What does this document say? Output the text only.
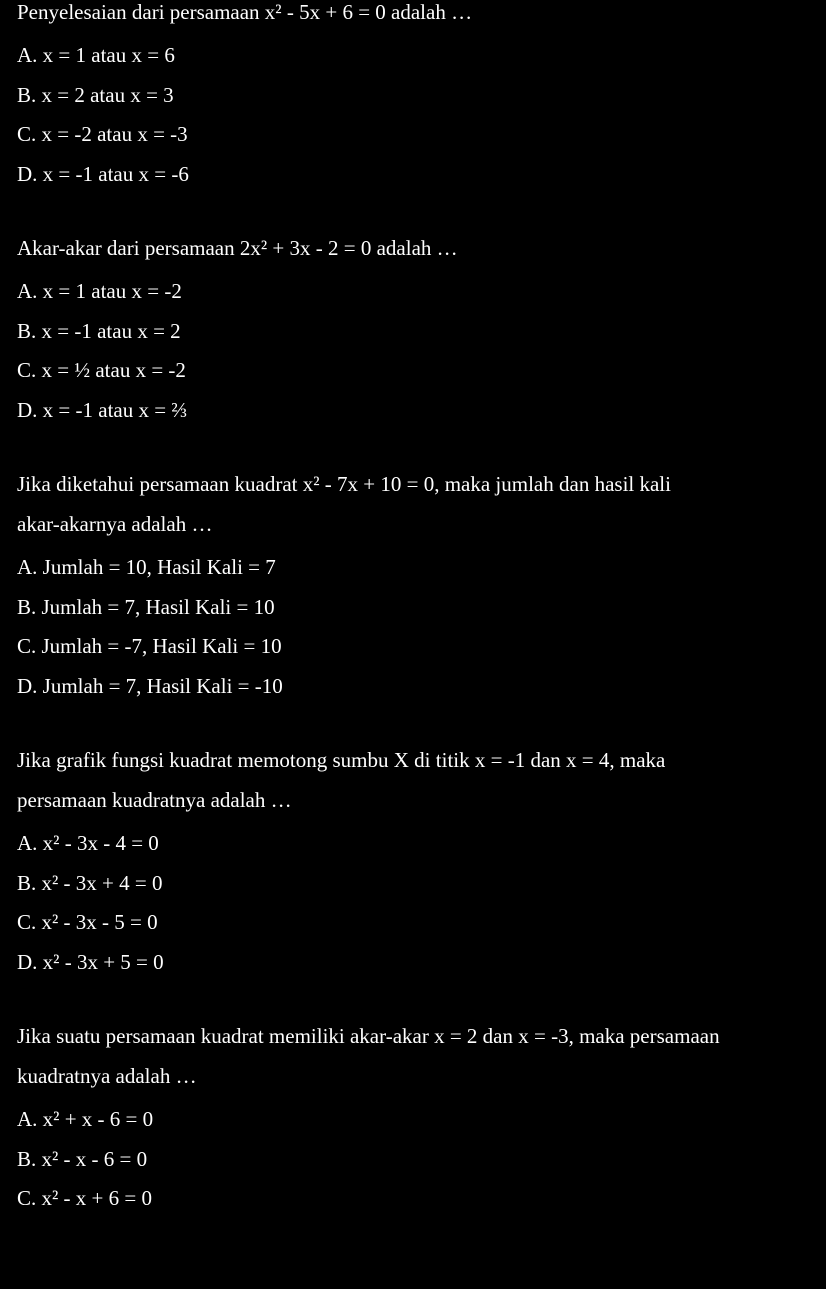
Penyelesaian dari persamaan x² - 5x + 6 = 0 adalah …

A. x = 1 atau x = 6

B. x = 2 atau x = 3

C. x = -2 atau x = -3

D. x = -1 atau x = -6

Akar-akar dari persamaan 2x² + 3x - 2 = 0 adalah …

A. x = 1 atau x = -2

B. x = -1 atau x = 2

C. x = ½ atau x = -2

D. x = -1 atau x = ⅔

Jika diketahui persamaan kuadrat x² - 7x + 10 = 0, maka jumlah dan hasil kali

akar-akarnya adalah …

A. Jumlah = 10, Hasil Kali = 7

B. Jumlah = 7, Hasil Kali = 10

C. Jumlah = -7, Hasil Kali = 10

D. Jumlah = 7, Hasil Kali = -10

Jika grafik fungsi kuadrat memotong sumbu X di titik x = -1 dan x = 4, maka

persamaan kuadratnya adalah …

A. x² - 3x - 4 = 0

B. x² - 3x + 4 = 0

C. x² - 3x - 5 = 0

D. x² - 3x + 5 = 0

Jika suatu persamaan kuadrat memiliki akar-akar x = 2 dan x = -3, maka persamaan

kuadratnya adalah …

A. x² + x - 6 = 0

B. x² - x - 6 = 0

C. x² - x + 6 = 0
